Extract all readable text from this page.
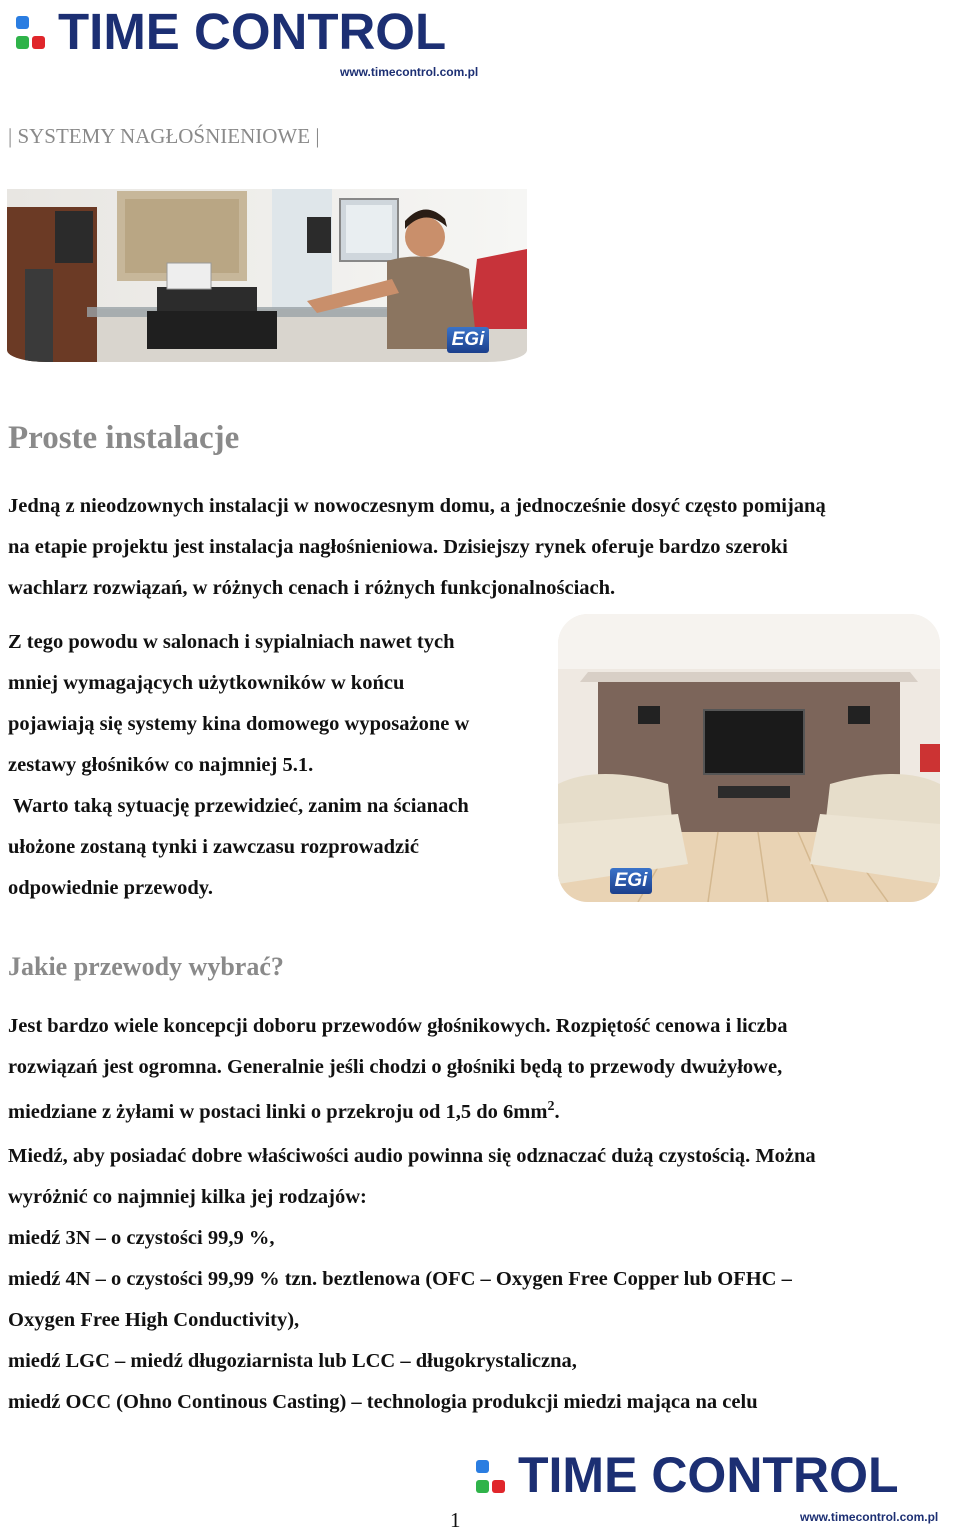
TIME CONTROL
www.timecontrol.com.pl
| SYSTEMY NAGŁOŚNIENIOWE |
EGi
Proste instalacje
Jedną z nieodzownych instalacji w nowoczesnym domu, a jednocześnie dosyć często pomijaną
na etapie projektu jest instalacja nagłośnieniowa. Dzisiejszy rynek oferuje bardzo szeroki
wachlarz rozwiązań, w różnych cenach i różnych funkcjonalnościach.
Z tego powodu w salonach i sypialniach nawet tych
mniej wymagających użytkowników w końcu
pojawiają się systemy kina domowego wyposażone w
zestawy głośników co najmniej 5.1.
Warto taką sytuację przewidzieć, zanim na ścianach
ułożone zostaną tynki i zawczasu rozprowadzić
odpowiednie przewody.	EGi
Jakie przewody wybrać?
Jest bardzo wiele koncepcji doboru przewodów głośnikowych. Rozpiętość cenowa i liczba
rozwiązań jest ogromna. Generalnie jeśli chodzi o głośniki będą to przewody dwużyłowe,
miedziane z żyłami w postaci linki o przekroju od 1,5 do $6mm^2$.
Miedź, aby posiadać dobre właściwości audio powinna się odznaczać dużą czystością. Można
wyróżnić co najmniej kilka jej rodzajów:
miedź 3N – o czystości 99,9 %,
miedź 4N – o czystości 99,99 % tzn. beztlenowa (OFC – Oxygen Free Copper lub OFHC –
Oxygen Free High Conductivity),
miedź LGC – miedź długoziarnista lub LCC – długokrystaliczna,
miedź OCC (Ohno Continous Casting) – technologia produkcji miedzi mająca na celu
TIME CONTROL
www.timecontrol.com.pl
1
